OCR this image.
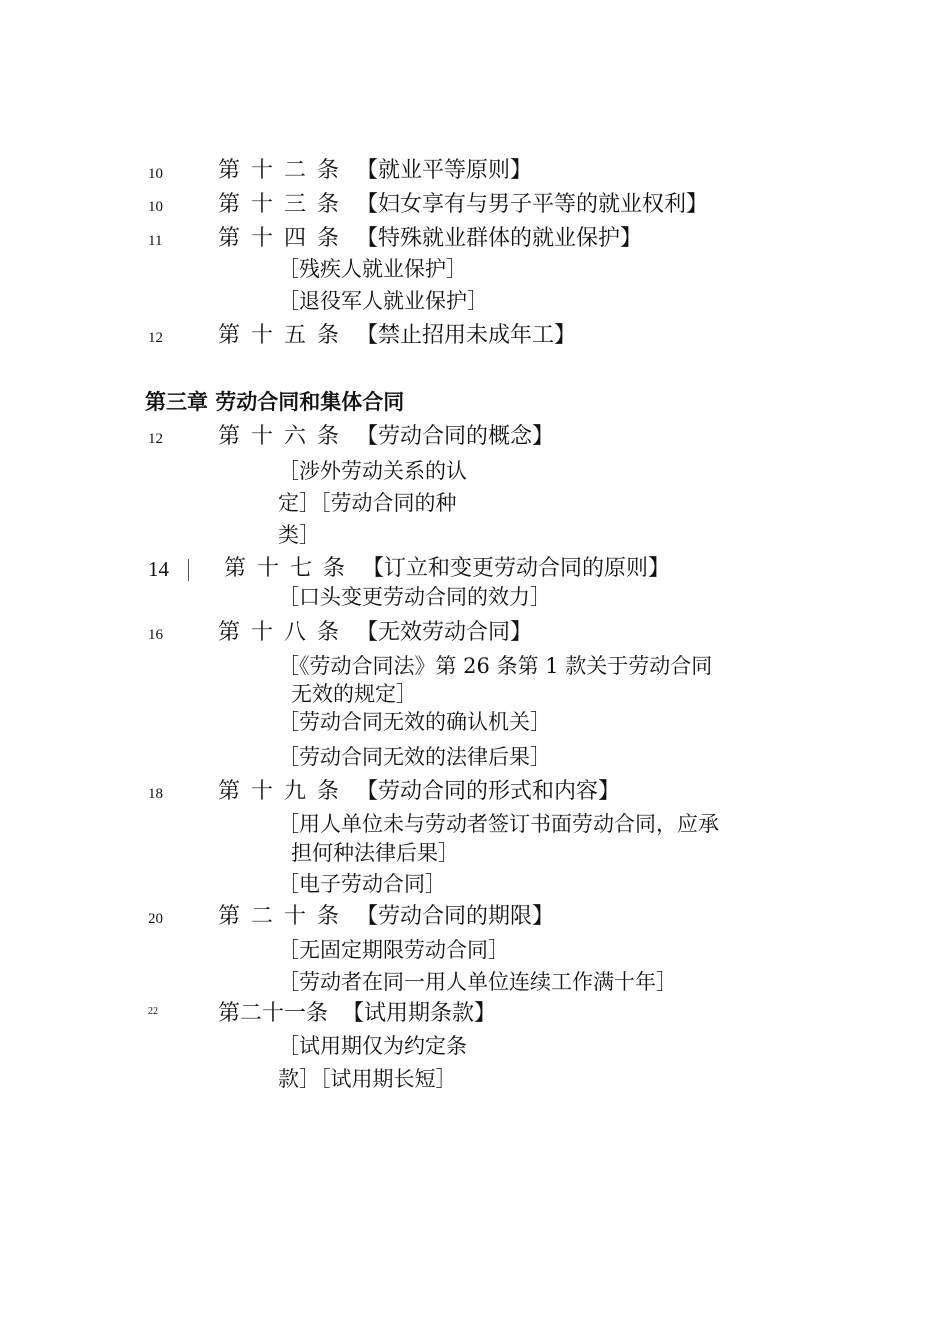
10	第十二条 【就业平等原则】
10	第十三条 【妇女享有与男子平等的就业权利】
11	第十四条 【特殊就业群体的就业保护】
［残疾人就业保护］
［退役军人就业保护］
12	第十五条 【禁止招用未成年工】
第三章 劳动合同和集体合同
12	第十六条 【劳动合同的概念】
［涉外劳动关系的认
定］［劳动合同的种
类］
14	第十七条 【订立和变更劳动合同的原则】
［口头变更劳动合同的效力］
16	第十八条 【无效劳动合同】
［《劳动合同法》第 26 条第 1 款关于劳动合同
无效的规定］
［劳动合同无效的确认机关］
［劳动合同无效的法律后果］
18	第十九条 【劳动合同的形式和内容】
［用人单位未与劳动者签订书面劳动合同，应承
担何种法律后果］
［电子劳动合同］
20	第二十条 【劳动合同的期限】
［无固定期限劳动合同］
［劳动者在同一用人单位连续工作满十年］
22	第二十一条 【试用期条款】
［试用期仅为约定条
款］［试用期长短］
